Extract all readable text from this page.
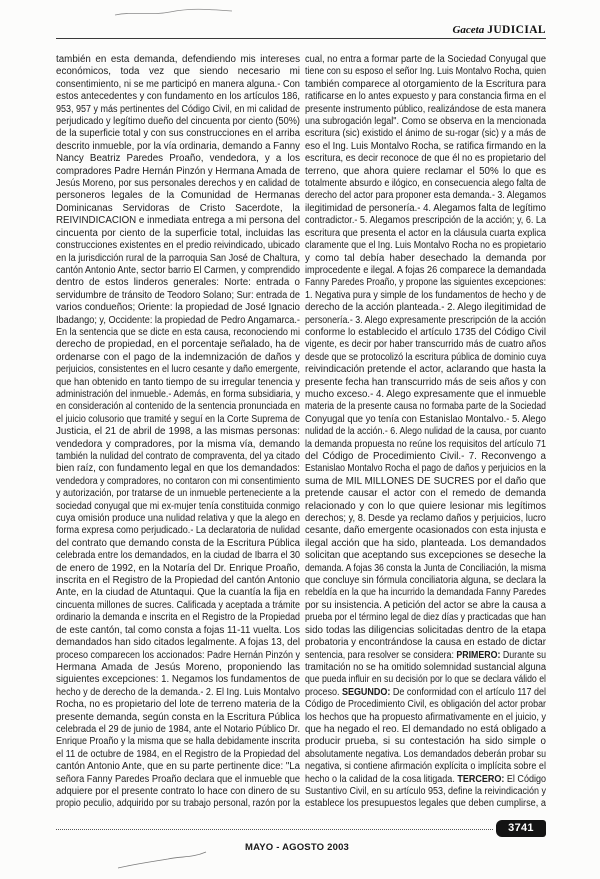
Gaceta JUDICIAL
también en esta demanda, defendiendo mis intereses
económicos, toda vez que siendo necesario mi
consentimiento, ni se me participó en manera alguna.- Con
estos antecedentes y con fundamento en los artículos 186,
953, 957 y más pertinentes del Código Civil, en mi calidad de
perjudicado y legítimo dueño del cincuenta por ciento (50%)
de la superficie total y con sus construcciones en el arriba
descrito inmueble, por la vía ordinaria, demando a Fanny
Nancy Beatriz Paredes Proaño, vendedora, y a los
compradores Padre Hernán Pinzón y Hermana Amada de
Jesús Moreno, por sus personales derechos y en calidad de
personeros legales de la Comunidad de Hermanas
Dominicanas Servidoras de Cristo Sacerdote, la
REIVINDICACIÓN e inmediata entrega a mi persona del
cincuenta por ciento de la superficie total, incluidas las
construcciones existentes en el predio reivindicado, ubicado
en la jurisdicción rural de la parroquia San José de Chaltura,
cantón Antonio Ante, sector barrio El Carmen, y comprendido
dentro de estos linderos generales: Norte: entrada o
servidumbre de tránsito de Teodoro Solano; Sur: entrada de
varios condueños; Oriente: la propiedad de José Ignacio
Ibadango; y, Occidente: la propiedad de Pedro Angamarca.-
En la sentencia que se dicte en esta causa, reconociendo mi
derecho de propiedad, en el porcentaje señalado, ha de
ordenarse con el pago de la indemnización de daños y
perjuicios, consistentes en el lucro cesante y daño emergente,
que han obtenido en tanto tiempo de su irregular tenencia y
administración del inmueble.- Además, en forma subsidiaria, y
en consideración al contenido de la sentencia pronunciada en
el juicio colusorio que tramité y seguí en la Corte Suprema de
Justicia, el 21 de abril de 1998, a las mismas personas:
vendedora y compradores, por la misma vía, demando
también la nulidad del contrato de compraventa, del ya citado
bien raíz, con fundamento legal en que los demandados:
vendedora y compradores, no contaron con mi consentimiento
y autorización, por tratarse de un inmueble perteneciente a la
sociedad conyugal que mi ex-mujer tenía constituida conmigo
cuya omisión produce una nulidad relativa y que la alego en
forma expresa como perjudicado.- La declaratoria de nulidad
del contrato que demando consta de la Escritura Pública
celebrada entre los demandados, en la ciudad de Ibarra el 30
de enero de 1992, en la Notaría del Dr. Enrique Proaño,
inscrita en el Registro de la Propiedad del cantón Antonio
Ante, en la ciudad de Atuntaqui. Que la cuantía la fija en
cincuenta millones de sucres. Calificada y aceptada a trámite
ordinario la demanda e inscrita en el Registro de la Propiedad
de este cantón, tal como consta a fojas 11-11 vuelta. Los
demandados han sido citados legalmente. A fojas 13, del
proceso comparecen los accionados: Padre Hernán Pinzón y
Hermana Amada de Jesús Moreno, proponiendo las
siguientes excepciones: 1. Negamos los fundamentos de
hecho y de derecho de la demanda.- 2. El Ing. Luis Montalvo
Rocha, no es propietario del lote de terreno materia de la
presente demanda, según consta en la Escritura Pública
celebrada el 29 de junio de 1984, ante el Notario Público Dr.
Enrique Proaño y la misma que se halla debidamente inscrita
el 11 de octubre de 1984, en el Registro de la Propiedad del
cantón Antonio Ante, que en su parte pertinente dice: "La
señora Fanny Paredes Proaño declara que el inmueble que
adquiere por el presente contrato lo hace con dinero de su
propio peculio, adquirido por su trabajo personal, razón por la
cual, no entra a formar parte de la Sociedad Conyugal que
tiene con su esposo el señor Ing. Luis Montalvo Rocha, quien
también comparece al otorgamiento de la Escritura para
ratificarse en lo antes expuesto y para constancia firma en el
presente instrumento público, realizándose de esta manera
una subrogación legal". Como se observa en la mencionada
escritura (sic) existido el ánimo de su-rogar (sic) y a más de
eso el Ing. Luis Montalvo Rocha, se ratifica firmando en la
escritura, es decir reconoce de que él no es propietario del
terreno, que ahora quiere reclamar el 50% lo que es
totalmente absurdo e ilógico, en consecuencia alego falta de
derecho del actor para proponer esta demanda.- 3. Alegamos
ilegitimidad de personería.- 4. Alegamos falta de legítimo
contradictor.- 5. Alegamos prescripción de la acción; y, 6. La
escritura que presenta el actor en la cláusula cuarta explica
claramente que el Ing. Luis Montalvo Rocha no es propietario
y como tal debía haber desechado la demanda por
improcedente e ilegal. A fojas 26 comparece la demandada
Fanny Paredes Proaño, y propone las siguientes excepciones:
1. Negativa pura y simple de los fundamentos de hecho y de
derecho de la acción planteada.- 2. Alego ilegitimidad de
personería.- 3. Alego expresamente prescripción de la acción
conforme lo establecido el artículo 1735 del Código Civil
vigente, es decir por haber transcurrido más de cuatro años
desde que se protocolizó la escritura pública de dominio cuya
reivindicación pretende el actor, aclarando que hasta la
presente fecha han transcurrido más de seis años y con
mucho exceso.- 4. Alego expresamente que el inmueble
materia de la presente causa no formaba parte de la Sociedad
Conyugal que yo tenía con Estanislao Montalvo.- 5. Alego
nulidad de la acción.- 6. Alego nulidad de la causa, por cuanto
la demanda propuesta no reúne los requisitos del artículo 71
del Código de Procedimiento Civil.- 7. Reconvengo a
Estanislao Montalvo Rocha el pago de daños y perjuicios en la
suma de MIL MILLONES DE SUCRES por el daño que
pretende causar el actor con el remedo de demanda
relacionado y con lo que quiere lesionar mis legítimos
derechos; y, 8. Desde ya reclamo daños y perjuicios, lucro
cesante, daño emergente ocasionados con esta injusta e
ilegal acción que ha sido, planteada. Los demandados
solicitan que aceptando sus excepciones se deseche la
demanda. A fojas 36 consta la Junta de Conciliación, la misma
que concluye sin fórmula conciliatoria alguna, se declara la
rebeldía en la que ha incurrido la demandada Fanny Paredes
por su insistencia. A petición del actor se abre la causa a
prueba por el término legal de diez días y practicadas que han
sido todas las diligencias solicitadas dentro de la etapa
probatoria y encontrándose la causa en estado de dictar
sentencia, para resolver se considera: PRIMERO: Durante su
tramitación no se ha omitido solemnidad sustancial alguna
que pueda influir en su decisión por lo que se declara válido el
proceso. SEGUNDO: De conformidad con el artículo 117 del
Código de Procedimiento Civil, es obligación del actor probar
los hechos que ha propuesto afirmativamente en el juicio, y
que ha negado el reo. El demandado no está obligado a
producir prueba, si su contestación ha sido simple o
absolutamente negativa. Los demandados deberán probar su
negativa, si contiene afirmación explícita o implícita sobre el
hecho o la calidad de la cosa litigada. TERCERO: El Código
Sustantivo Civil, en su artículo 953, define la reivindicación y
establece los presupuestos legales que deben cumplirse, a
3741
MAYO - AGOSTO 2003
